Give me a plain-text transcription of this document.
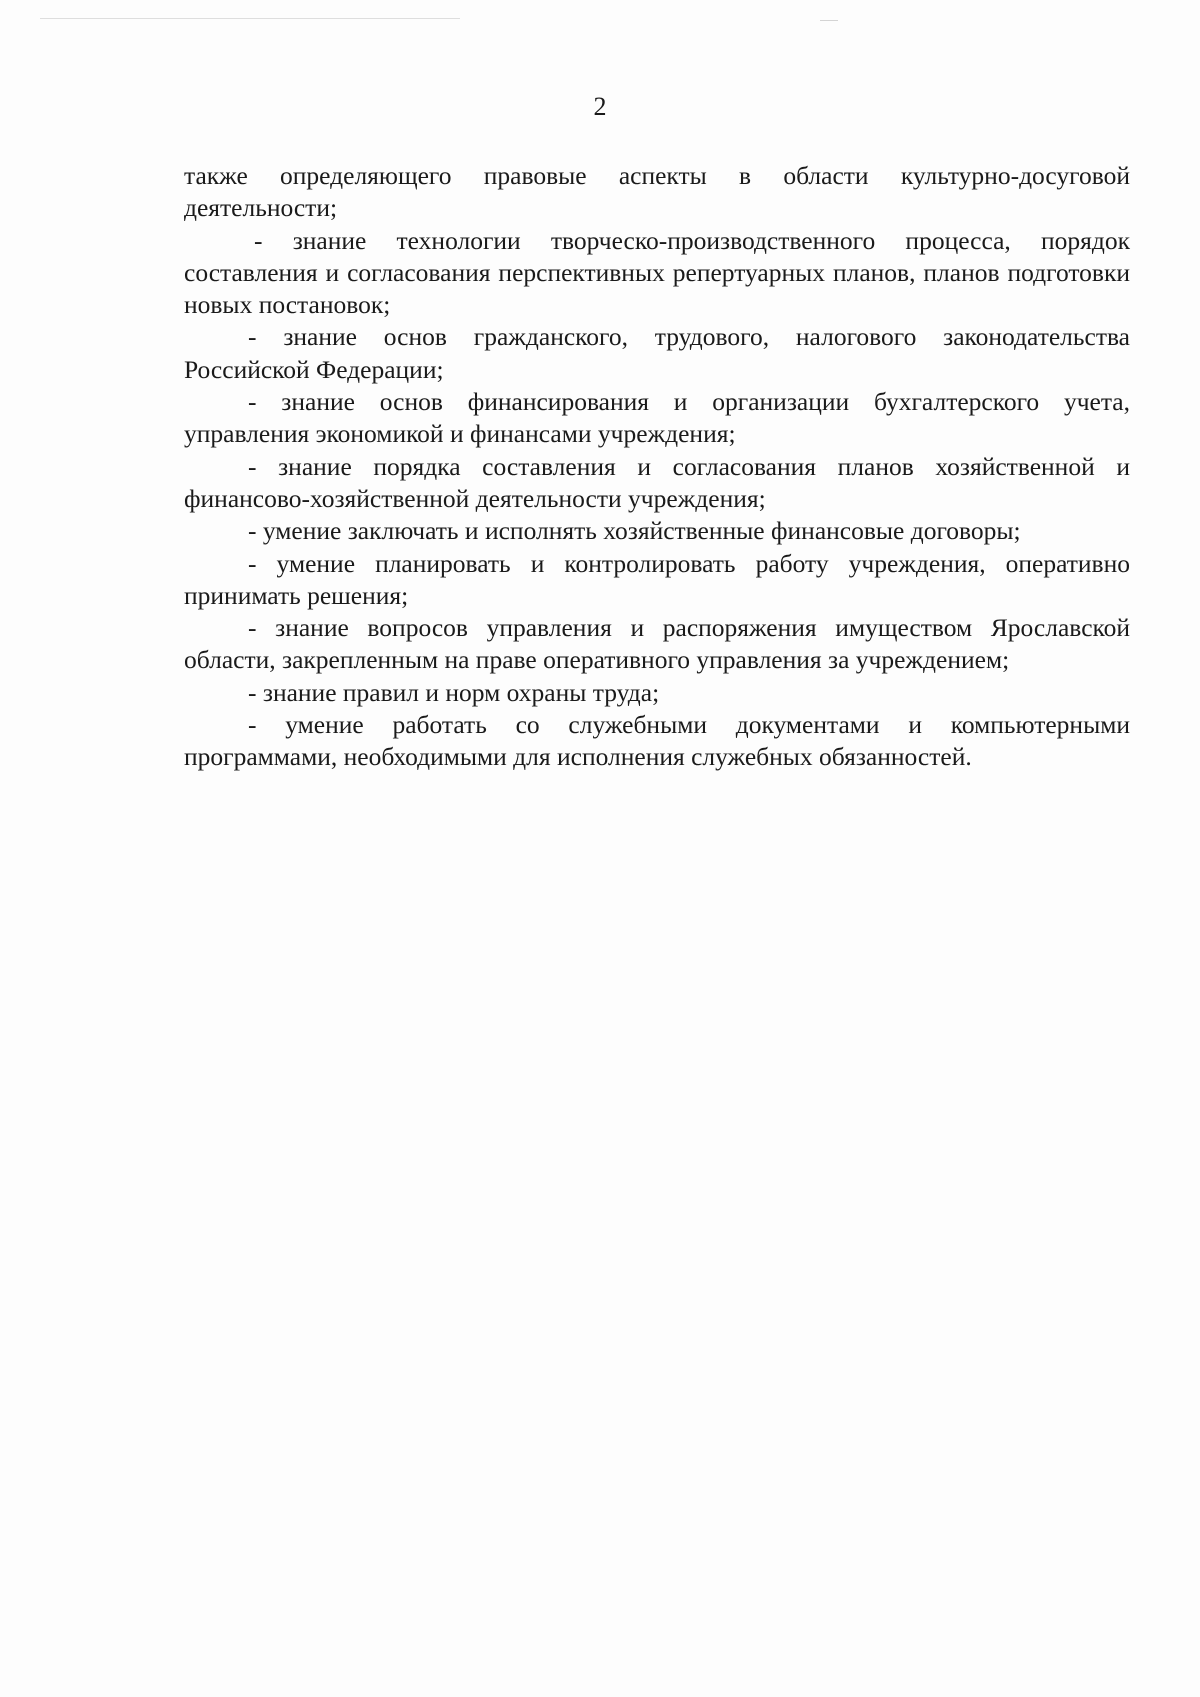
2

также определяющего правовые аспекты в области культурно-досуговой деятельности;

- знание технологии творческо-производственного процесса, порядок составления и согласования перспективных репертуарных планов, планов подготовки новых постановок;

- знание основ гражданского, трудового, налогового законодательства Российской Федерации;

- знание основ финансирования и организации бухгалтерского учета, управления экономикой и финансами учреждения;

- знание порядка составления и согласования планов хозяйственной и финансово-хозяйственной деятельности учреждения;

- умение заключать и исполнять хозяйственные финансовые договоры;

- умение планировать и контролировать работу учреждения, оперативно принимать решения;

- знание вопросов управления и распоряжения имуществом Ярославской области, закрепленным на праве оперативного управления за учреждением;

- знание правил и норм охраны труда;

- умение работать со служебными документами и компьютерными программами, необходимыми для исполнения служебных обязанностей.
